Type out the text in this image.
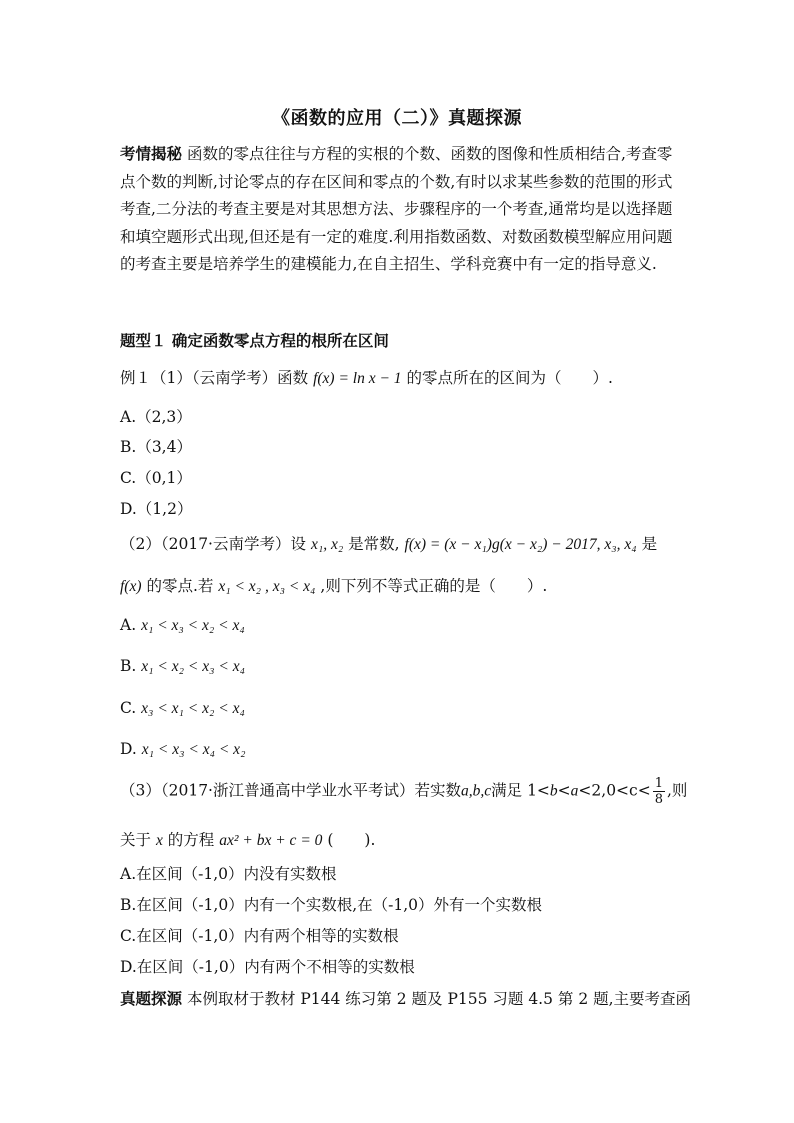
《函数的应用（二）》真题探源
考情揭秘 函数的零点往往与方程的实根的个数、函数的图像和性质相结合,考查零点个数的判断,讨论零点的存在区间和零点的个数,有时以求某些参数的范围的形式考查,二分法的考查主要是对其思想方法、步骤程序的一个考查,通常均是以选择题和填空题形式出现,但还是有一定的难度.利用指数函数、对数函数模型解应用问题的考查主要是培养学生的建模能力,在自主招生、学科竞赛中有一定的指导意义.
题型１ 确定函数零点方程的根所在区间
例１（1）（云南学考）函数 f(x) = ln x − 1 的零点所在的区间为（　　）.
A.（2,3）
B.（3,4）
C.（0,1）
D.（1,2）
（2）（2017·云南学考）设 x₁, x₂ 是常数, f(x) = (x − x₁)g(x − x₂) − 2017, x₃, x₄ 是
f(x) 的零点.若 x₁ < x₂ , x₃ < x₄ ,则下列不等式正确的是（　　）.
A. x₁ < x₃ < x₂ < x₄
B. x₁ < x₂ < x₃ < x₄
C. x₃ < x₁ < x₂ < x₄
D. x₁ < x₃ < x₄ < x₂
（3）（2017·浙江普通高中学业水平考试）若实数a,b,c满足 $1<b<a<2,0<c< \frac{1}{8}$ ,则
关于 x 的方程 ax² + bx + c = 0 (　　).
A.在区间（-1,0）内没有实数根
B.在区间（-1,0）内有一个实数根,在（-1,0）外有一个实数根
C.在区间（-1,0）内有两个相等的实数根
D.在区间（-1,0）内有两个不相等的实数根
真题探源 本例取材于教材 P144 练习第 2 题及 P155 习题 4.5 第 2 题,主要考查函
